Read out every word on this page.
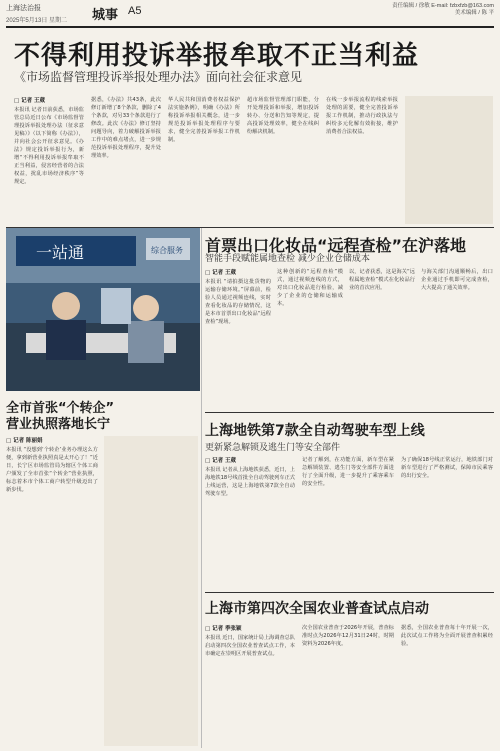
上海法治报
2025年5月13日 星期二 城事 A5	责任编辑 / 徐敏 E-mail: fzbxfzb@163.com
美术编辑 / 陈 平
不得利用投诉举报牟取不正当利益
《市场监督管理投诉举报处理办法》面向社会征求意见
□ 记者 王葳
本报讯 记者日前获悉，市场监管总局近日公布《市场监督管理投诉举报处理办法（征求意见稿）》（以下简称《办法》），并向社会公开征求意见。《办法》规定投诉举报行为，新增“不得利用投诉举报牟取不正当利益，侵害经营者的合法权益，扰乱市场经济秩序”等规定。
据悉，《办法》共43条，此次修订新增了8个条款，删除了4个条款，对另33个条款进行了修改。此次《办法》修订坚持问题导向，着力破解投诉举报工作中的难点堵点，进一步规范投诉举报处理程序，提升处理效率。
华人民共和国消费者权益保护法实施条例》，明确《办法》所称投诉举报相关概念，进一步规范投诉举报处理程序与要求，健全完善投诉举报工作机制。
超市场监督管理部门职能，分开处理投诉和举报，增加投诉转办、分送和告知等规定，提高投诉处理效率，健全在线纠纷解决机制。
在线一步举报流程的线索举报处理的需要，健全完善投诉举报工作机制，推动行政执法与纠纷多元化解有效衔接，维护消费者合法权益。
一站通	综合服务 首票出口化妆品“远程查检”在沪落地
智能手段赋能属地查检 减少企业仓储成本
□ 记者 王葳
本报讯 “请拍摄这批货物的运输存储环境。”屏幕前，检验人员通过视频连线，实时查看化妆品的存储情况，这是本市首票出口化妆品“远程查检”现场。
这种创新的“远程查检”模式，通过视频连线的方式，对出口化妆品进行检验，减少了企业的仓储和运输成本。
以，记者获悉，这是海关“远程属地查检”模式在化妆品行业的首次应用。
与海关部门沟通顺畅后，出口企业通过手机即可完成查检，大大提高了通关效率。
全市首张“个转企”
营业执照落地长宁
□ 记者 陈丽娟
本报讯 “没想到‘个转企’业务办理这么方便，拿到新营业执照真是太开心了！”近日，长宁区市场监管局为辖区个体工商户颁发了全市首张“个转企”营业执照，标志着本市个体工商户转型升级迈出了新步伐。
上海地铁第7款全自动驾驶车型上线
更新紧急解锁及逃生门等安全部件
□ 记者 王葳
本报讯 记者从上海地铁获悉，近日，上海地铁18号线首批全自动驾驶列车正式上线运营，这是上海地铁第7款全自动驾驶车型。
记者了解到，在功能方面，新车型在紧急解锁装置、逃生门等安全部件方面进行了全面升级，进一步提升了乘客乘车的安全性。
为了确保18号线正常运行，地铁部门对新车型进行了严格测试，保障市民乘客的出行安全。
上海市第四次全国农业普查试点启动
□ 记者 季张颖
本报讯 近日，国家统计局上海调查总队启动第四次全国农业普查试点工作，本市确定在崇明区开展普查试点。
次全国农业普查于2026年开展，普查标准时点为2026年12月31日24时，时期资料为2026年度。
据悉，全国农业普查每十年开展一次，此次试点工作将为全面开展普查积累经验。
